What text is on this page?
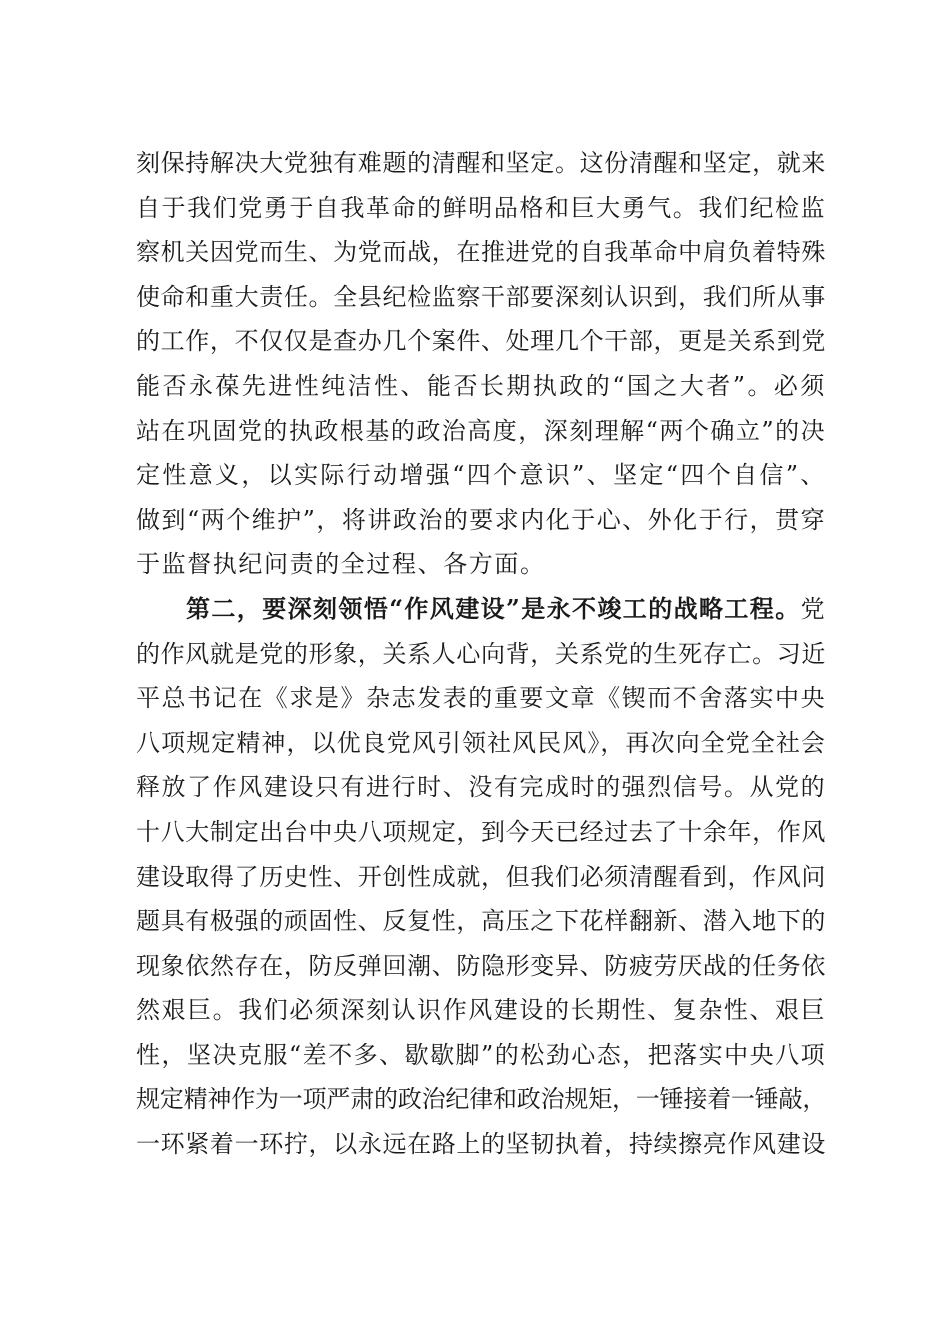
刻保持解决大党独有难题的清醒和坚定。这份清醒和坚定，就来
自于我们党勇于自我革命的鲜明品格和巨大勇气。我们纪检监
察机关因党而生、为党而战，在推进党的自我革命中肩负着特殊
使命和重大责任。全县纪检监察干部要深刻认识到，我们所从事
的工作，不仅仅是查办几个案件、处理几个干部，更是关系到党
能否永葆先进性纯洁性、能否长期执政的“国之大者”。必须
站在巩固党的执政根基的政治高度，深刻理解“两个确立”的决
定性意义，以实际行动增强“四个意识”、坚定“四个自信”、
做到“两个维护”，将讲政治的要求内化于心、外化于行，贯穿
于监督执纪问责的全过程、各方面。
第二，要深刻领悟“作风建设”是永不竣工的战略工程。党
的作风就是党的形象，关系人心向背，关系党的生死存亡。习近
平总书记在《求是》杂志发表的重要文章《锲而不舍落实中央
八项规定精神，以优良党风引领社风民风》，再次向全党全社会
释放了作风建设只有进行时、没有完成时的强烈信号。从党的
十八大制定出台中央八项规定，到今天已经过去了十余年，作风
建设取得了历史性、开创性成就，但我们必须清醒看到，作风问
题具有极强的顽固性、反复性，高压之下花样翻新、潜入地下的
现象依然存在，防反弹回潮、防隐形变异、防疲劳厌战的任务依
然艰巨。我们必须深刻认识作风建设的长期性、复杂性、艰巨
性，坚决克服“差不多、歇歇脚”的松劲心态，把落实中央八项
规定精神作为一项严肃的政治纪律和政治规矩，一锤接着一锤敲，
一环紧着一环拧，以永远在路上的坚韧执着，持续擦亮作风建设
